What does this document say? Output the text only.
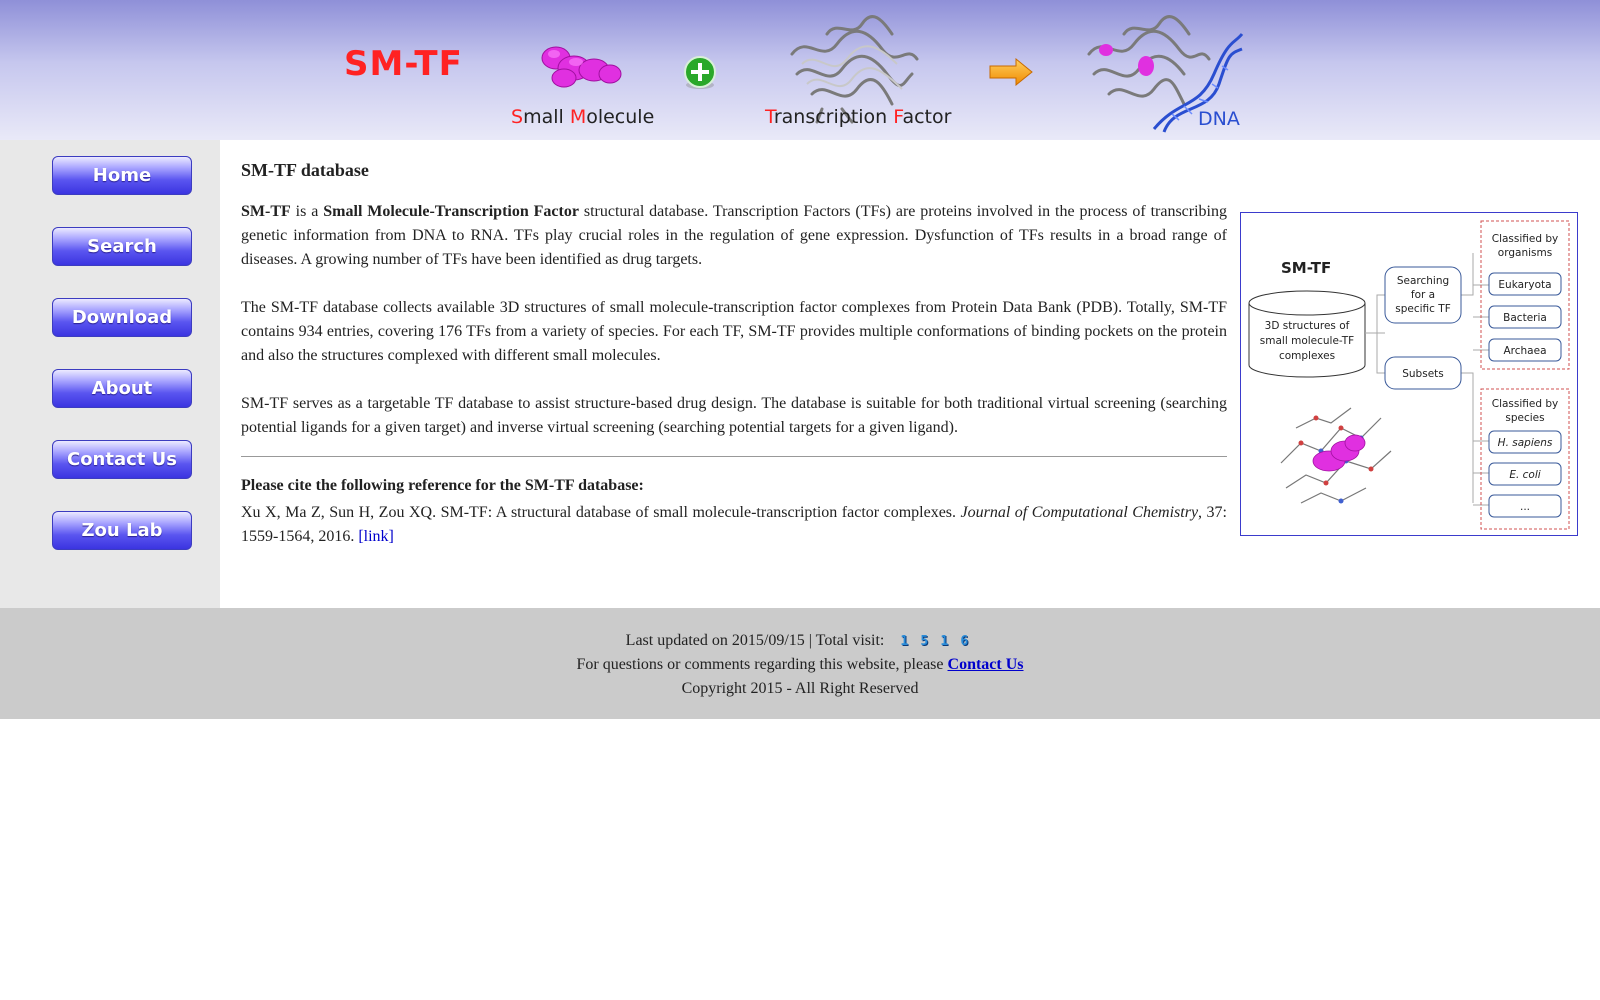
SM-TF
Small Molecule	Transcription Factor	DNA
Home
Search
Download
About
Contact Us
Zou Lab
SM-TF database

SM-TF is a Small Molecule-Transcription Factor structural database. Transcription Factors (TFs) are proteins involved in the process of transcribing genetic information from DNA to RNA. TFs play crucial roles in the regulation of gene expression. Dysfunction of TFs results in a broad range of diseases. A growing number of TFs have been identified as drug targets.

The SM-TF database collects available 3D structures of small molecule-transcription factor complexes from Protein Data Bank (PDB). Totally, SM-TF contains 934 entries, covering 176 TFs from a variety of species. For each TF, SM-TF provides multiple conformations of binding pockets on the protein and also the structures complexed with different small molecules.

SM-TF serves as a targetable TF database to assist structure-based drug design. The database is suitable for both traditional virtual screening (searching potential ligands for a given target) and inverse virtual screening (searching potential targets for a given ligand).

Please cite the following reference for the SM-TF database:

Xu X, Ma Z, Sun H, Zou XQ. SM-TF: A structural database of small molecule-transcription factor complexes. Journal of Computational Chemistry, 37: 1559-1564, 2016. [link]

SM-TF
3D structures of
small molecule-TF
complexes
Searching
for a
specific TF
Subsets
Classified by
organisms
Eukaryota
Bacteria
Archaea
Classified by
species
H. sapiens
E. coli
...
Last updated on 2015/09/15 | Total visit: 1 5 1 6
For questions or comments regarding this website, please Contact Us
Copyright 2015 - All Right Reserved
